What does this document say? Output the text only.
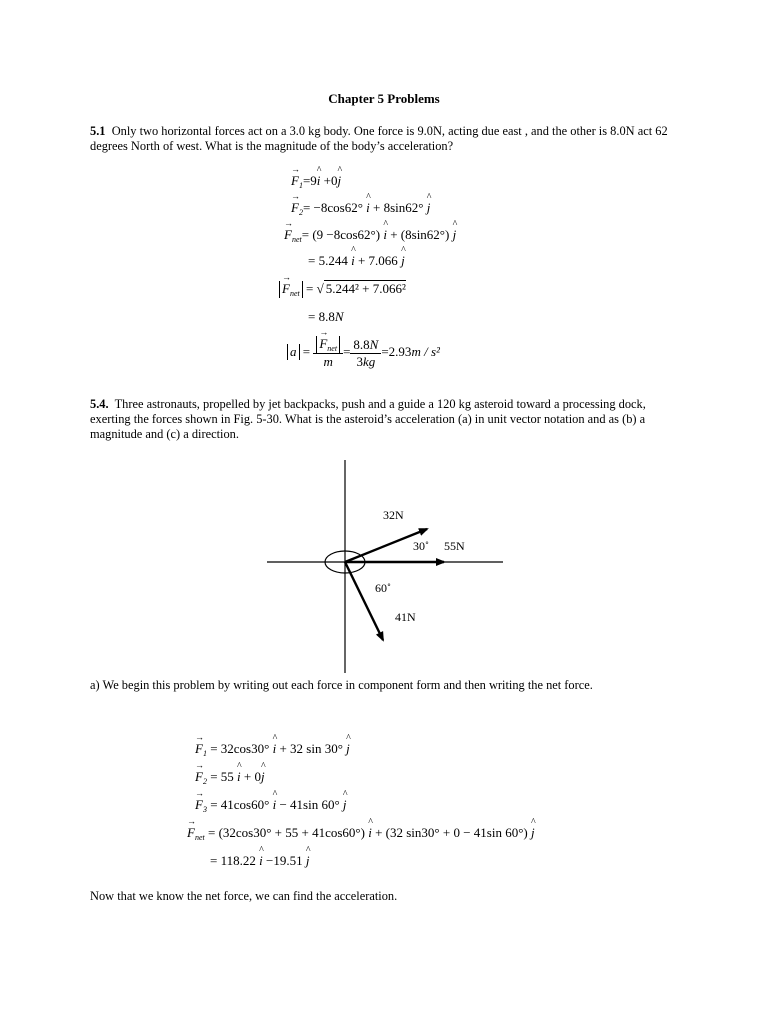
Chapter 5 Problems
5.1 Only two horizontal forces act on a 3.0 kg body. One force is 9.0N, acting due east , and the other is 8.0N act 62 degrees North of west. What is the magnitude of the body’s acceleration?
→ $F_1=9\^{}$ i +0^ j
→ $F_2= -8\cos 62^\circ$ ^ i + 8sin62° ^ j
→ $F_{net}= (9 -8\cos 62^\circ)$ ^ i + (8sin62°) ^ j
= 5.244 ^ i + 7.066 ^ j
→ $F_{net}$ = √ 5.244² + 7.066²
= 8.8N
a =
→ $\frac{F_{net}}{m} = \frac{8.8N}{3kg} =2.93m / s^2$
5.4. Three astronauts, propelled by jet backpacks, push and a guide a 120 kg asteroid toward a processing dock, exerting the forces shown in Fig. 5-30. What is the asteroid’s acceleration (a) in unit vector notation and as (b) a magnitude and (c) a direction.
32N
30˚ 55N
60˚
41N
a) We begin this problem by writing out each force in component form and then writing the net force.
→ $F_1 = 32\cos 30^\circ$ ^ i + 32 sin 30° ^ j
→ $F_2 = 55$ ^ i + 0^ j
→ $F_3 = 41\cos 60^\circ$ ^ i − 41sin 60° ^ j
→ $F_{net} = (32\cos 30^\circ + 55 + 41\cos 60^\circ)$ ^ i + (32 sin30° + 0 − 41sin 60°) ^ j
= 118.22 ^ i −19.51 ^ j
Now that we know the net force, we can find the acceleration.
